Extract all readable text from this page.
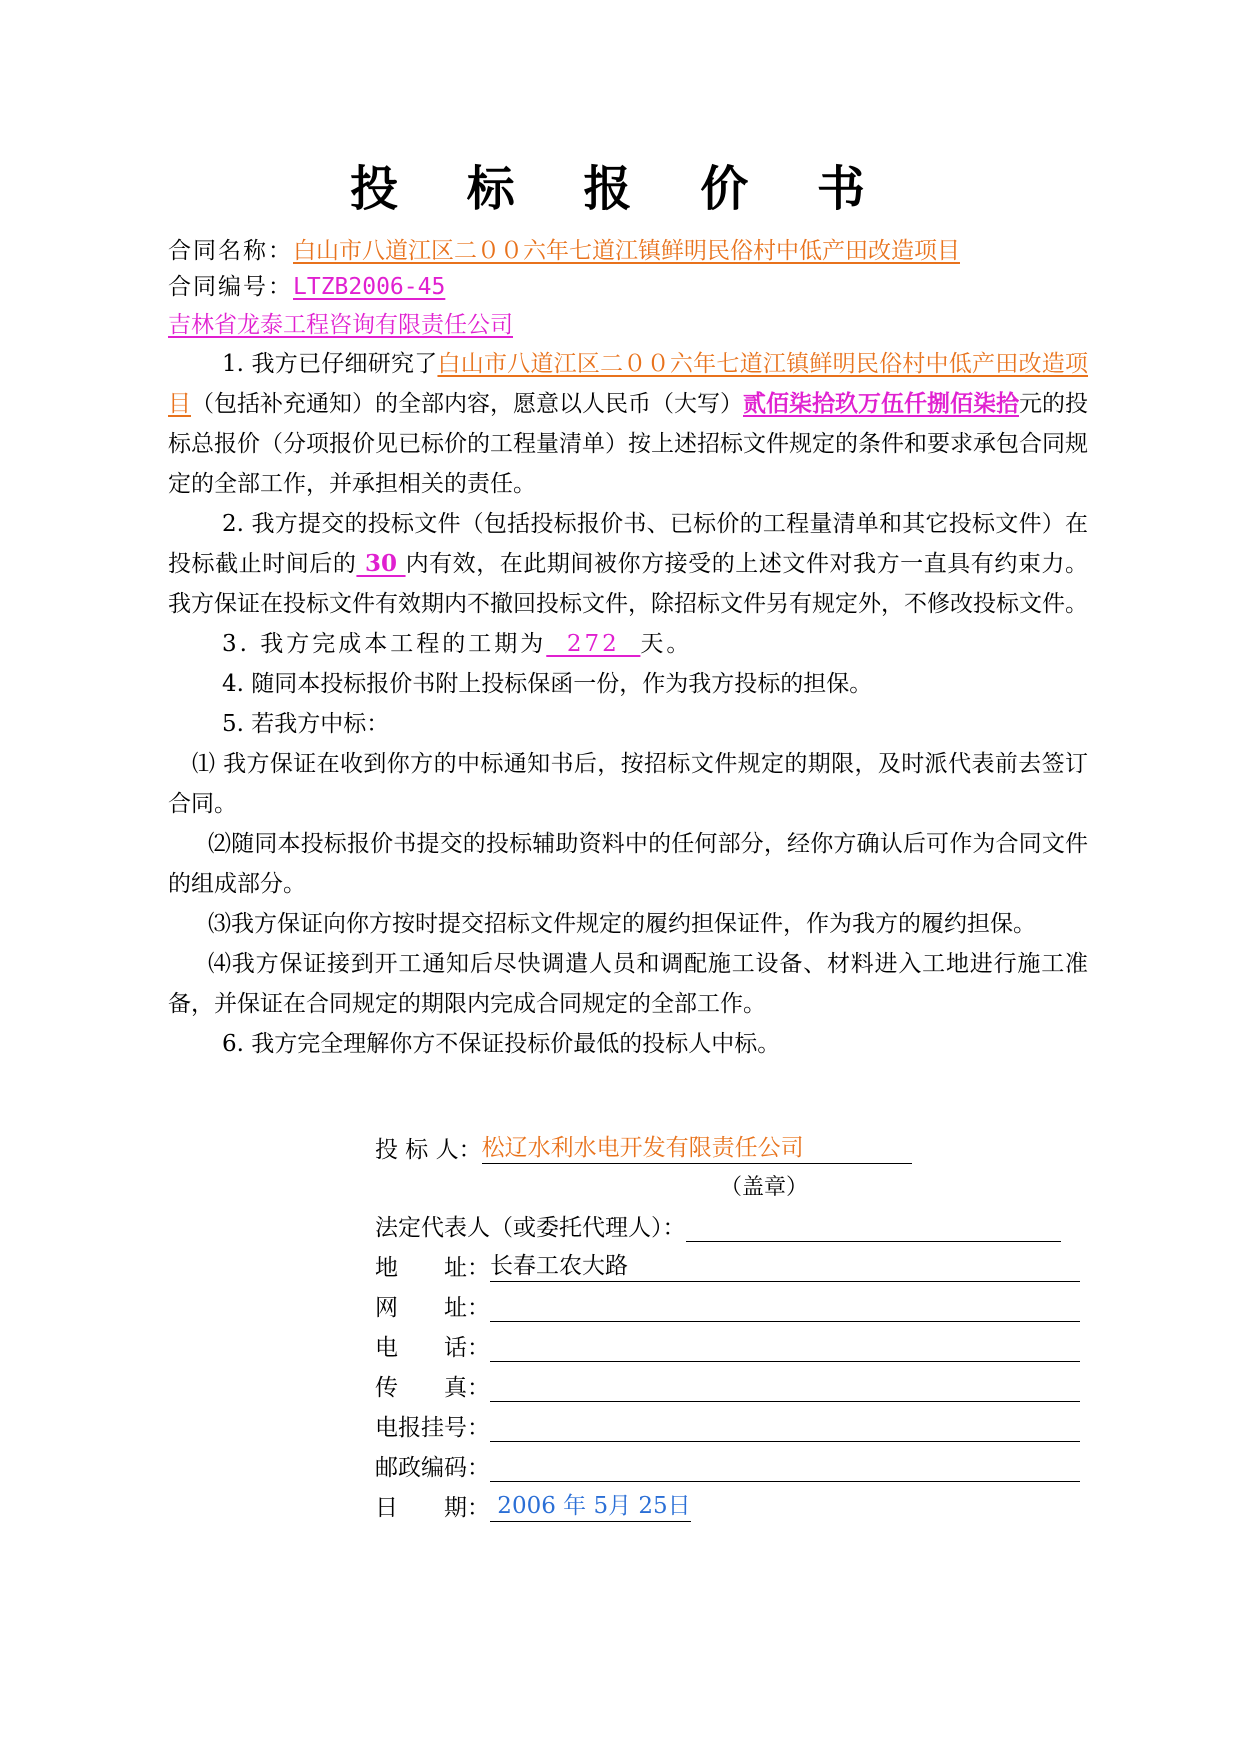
投 标 报 价 书
合同名称：白山市八道江区二００六年七道江镇鲜明民俗村中低产田改造项目
合同编号：LTZB2006-45
吉林省龙泰工程咨询有限责任公司

1. 我方已仔细研究了白山市八道江区二００六年七道江镇鲜明民俗村中低产田改造项目（包括补充通知）的全部内容，愿意以人民币（大写）贰佰柒拾玖万伍仟捌佰柒拾元的投标总报价（分项报价见已标价的工程量清单）按上述招标文件规定的条件和要求承包合同规定的全部工作，并承担相关的责任。

2. 我方提交的投标文件（包括投标报价书、已标价的工程量清单和其它投标文件）在投标截止时间后的 30 内有效，在此期间被你方接受的上述文件对我方一直具有约束力。我方保证在投标文件有效期内不撤回投标文件，除招标文件另有规定外，不修改投标文件。

3. 我方完成本工程的工期为  272  天。

4. 随同本投标报价书附上投标保函一份，作为我方投标的担保。

5. 若我方中标：

⑴ 我方保证在收到你方的中标通知书后，按招标文件规定的期限，及时派代表前去签订合同。

⑵随同本投标报价书提交的投标辅助资料中的任何部分，经你方确认后可作为合同文件的组成部分。

⑶我方保证向你方按时提交招标文件规定的履约担保证件，作为我方的履约担保。

⑷我方保证接到开工通知后尽快调遣人员和调配施工设备、材料进入工地进行施工准备，并保证在合同规定的期限内完成合同规定的全部工作。

6. 我方完全理解你方不保证投标价最低的投标人中标。

投 标 人： 松辽水利水电开发有限责任公司
（盖章）
法定代表人（或委托代理人）：
地　　址： 长春工农大路
网　　址：
电　　话：
传　　真：
电报挂号：
邮政编码：
日　　期： 2006 年 5月 25日
